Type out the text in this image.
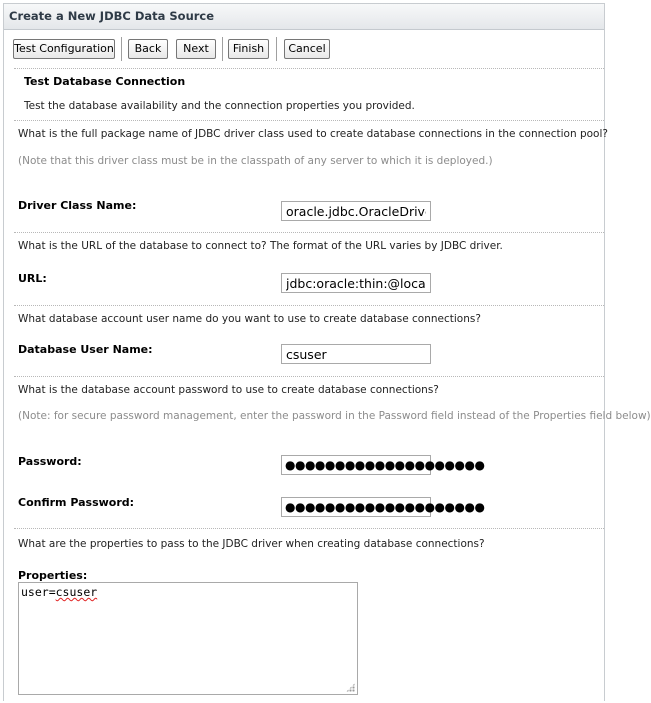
Create a New JDBC Data Source
Test Configuration	Back	Next	Finish	Cancel
Test Database Connection
Test the database availability and the connection properties you provided.
What is the full package name of JDBC driver class used to create database connections in the connection pool?
(Note that this driver class must be in the classpath of any server to which it is deployed.)
Driver Class Name:
oracle.jdbc.OracleDriver
What is the URL of the database to connect to? The format of the URL varies by JDBC driver.
URL:
jdbc:oracle:thin:@localhost
What database account user name do you want to use to create database connections?
Database User Name:
csuser
What is the database account password to use to create database connections?
(Note: for secure password management, enter the password in the Password field instead of the Properties field below)
Password:	●●●●●●●●●●●●●●●●●●●●
Confirm Password:	●●●●●●●●●●●●●●●●●●●●
What are the properties to pass to the JDBC driver when creating database connections?
Properties:
user=csuser
